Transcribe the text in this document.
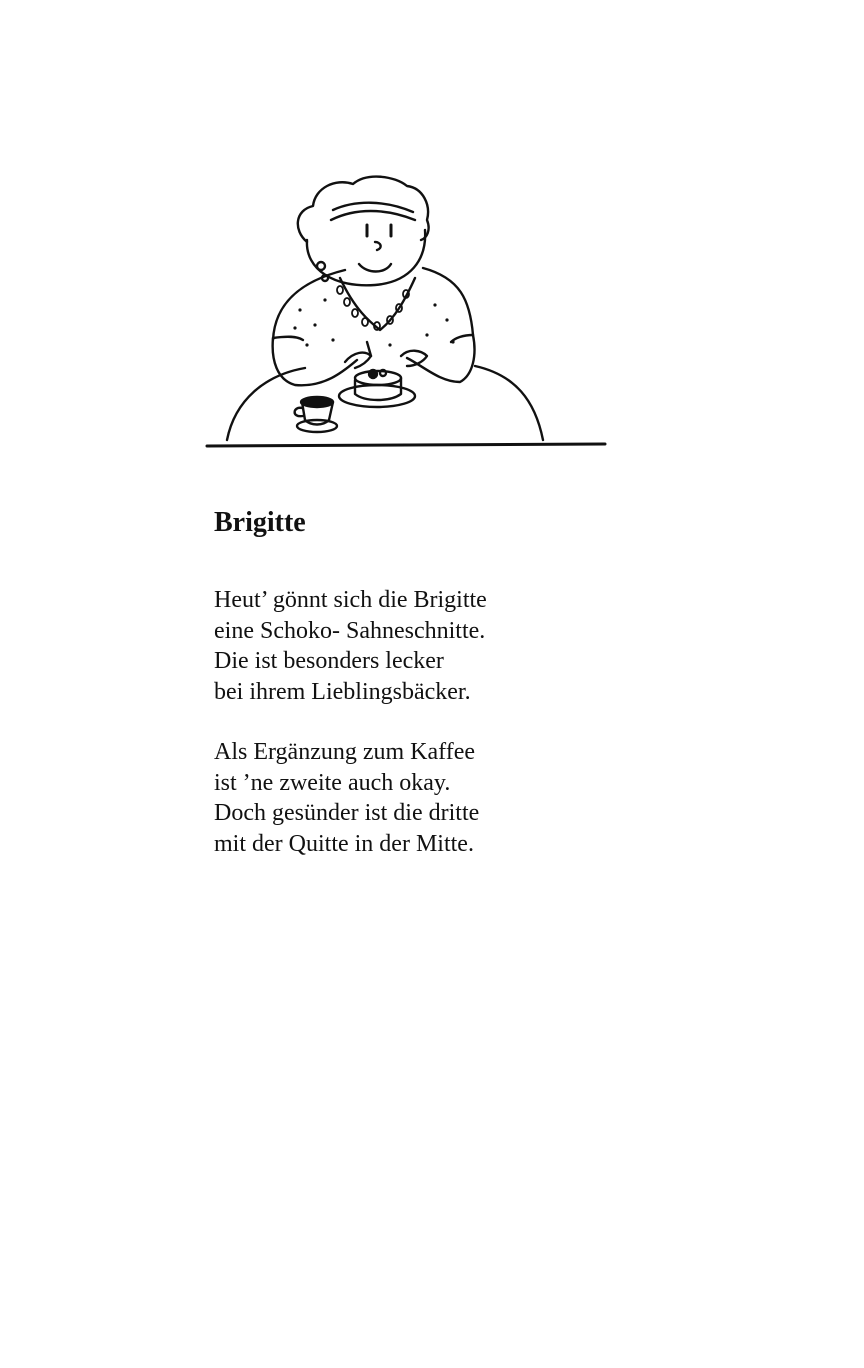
Brigitte
Heut’ gönnt sich die Brigitte
eine Schoko- Sahneschnitte.
Die ist besonders lecker
bei ihrem Lieblingsbäcker.
Als Ergänzung zum Kaffee
ist ’ne zweite auch okay.
Doch gesünder ist die dritte
mit der Quitte in der Mitte.
